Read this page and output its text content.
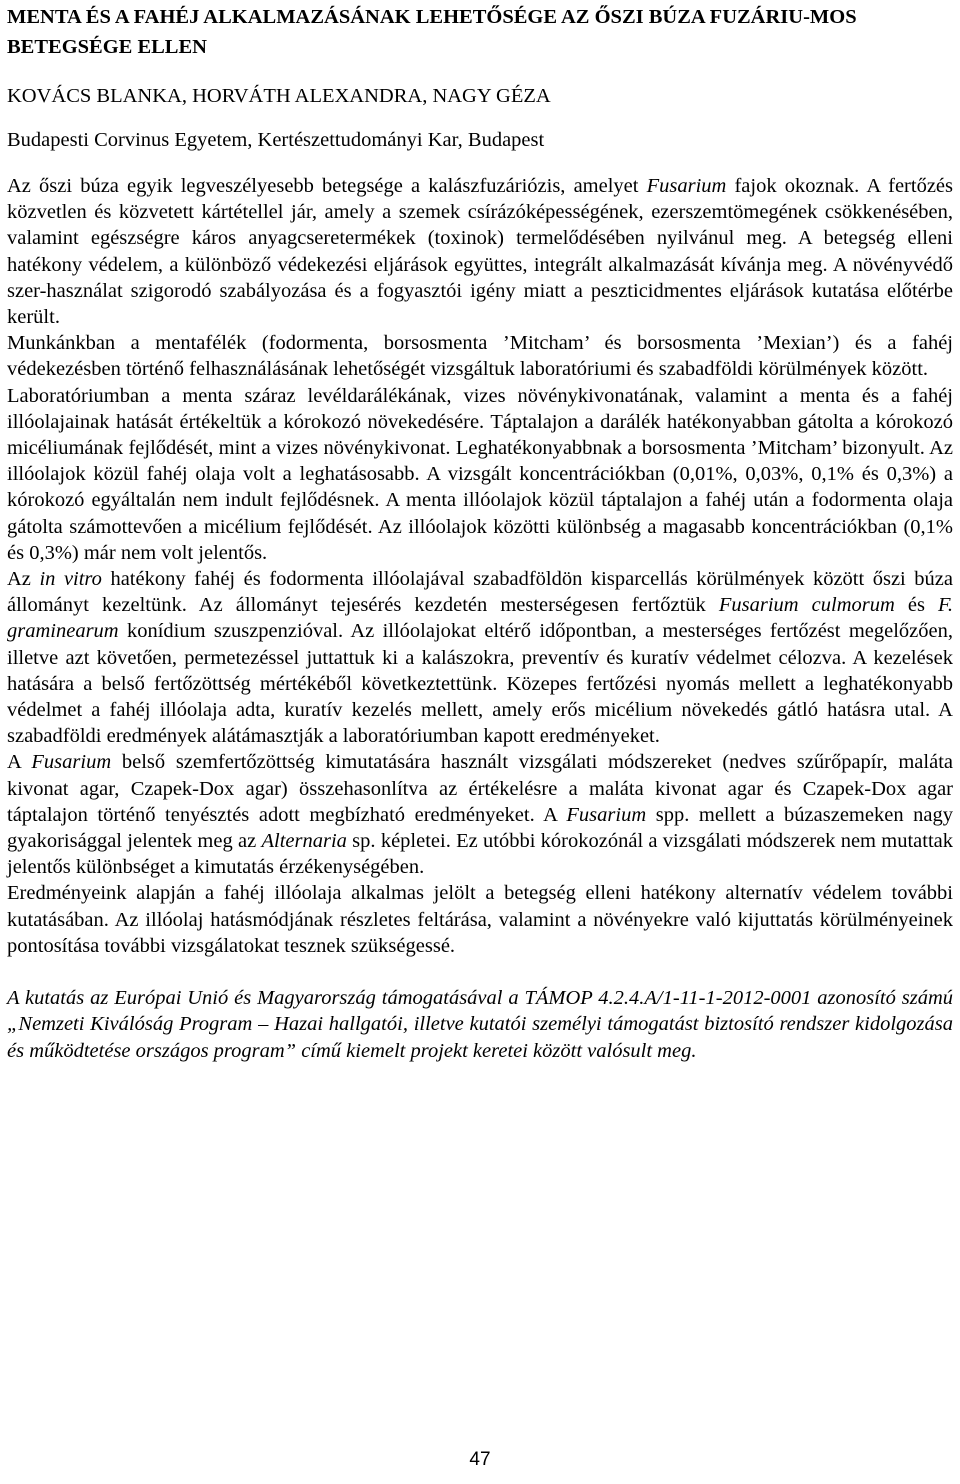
MENTA ÉS A FAHÉJ ALKALMAZÁSÁNAK LEHETŐSÉGE AZ ŐSZI BÚZA FUZÁRIU-MOS BETEGSÉGE ELLEN
KOVÁCS BLANKA, HORVÁTH ALEXANDRA, NAGY GÉZA
Budapesti Corvinus Egyetem, Kertészettudományi Kar, Budapest

Az őszi búza egyik legveszélyesebb betegsége a kalászfuzáriózis, amelyet Fusarium fajok okoznak. A fertőzés közvetlen és közvetett kártétellel jár, amely a szemek csírázóképességének, ezerszemtömegének csökkenésében, valamint egészségre káros anyagcseretermékek (toxinok) termelődésében nyilvánul meg. A betegség elleni hatékony védelem, a különböző védekezési eljárások együttes, integrált alkalmazását kívánja meg. A növényvédő szer-használat szigorodó szabályozása és a fogyasztói igény miatt a peszticidmentes eljárások kutatása előtérbe került.

Munkánkban a mentafélék (fodormenta, borsosmenta ’Mitcham’ és borsosmenta ’Mexian’) és a fahéj védekezésben történő felhasználásának lehetőségét vizsgáltuk laboratóriumi és szabadföldi körülmények között.

Laboratóriumban a menta száraz levéldarálékának, vizes növénykivonatának, valamint a menta és a fahéj illóolajainak hatását értékeltük a kórokozó növekedésére. Táptalajon a darálék hatékonyabban gátolta a kórokozó micéliumának fejlődését, mint a vizes növénykivonat. Leghatékonyabbnak a borsosmenta ’Mitcham’ bizonyult. Az illóolajok közül fahéj olaja volt a leghatásosabb. A vizsgált koncentrációkban (0,01%, 0,03%, 0,1% és 0,3%) a kórokozó egyáltalán nem indult fejlődésnek. A menta illóolajok közül táptalajon a fahéj után a fodormenta olaja gátolta számottevően a micélium fejlődését. Az illóolajok közötti különbség a magasabb koncentrációkban (0,1% és 0,3%) már nem volt jelentős.

Az in vitro hatékony fahéj és fodormenta illóolajával szabadföldön kisparcellás körülmények között őszi búza állományt kezeltünk. Az állományt tejesérés kezdetén mesterségesen fertőztük Fusarium culmorum és F. graminearum konídium szuszpenzióval. Az illóolajokat eltérő időpontban, a mesterséges fertőzést megelőzően, illetve azt követően, permetezéssel juttattuk ki a kalászokra, preventív és kuratív védelmet célozva. A kezelések hatására a belső fertőzöttség mértékéből következtettünk. Közepes fertőzési nyomás mellett a leghatékonyabb védelmet a fahéj illóolaja adta, kuratív kezelés mellett, amely erős micélium növekedés gátló hatásra utal. A szabadföldi eredmények alátámasztják a laboratóriumban kapott eredményeket.

A Fusarium belső szemfertőzöttség kimutatására használt vizsgálati módszereket (nedves szűrőpapír, maláta kivonat agar, Czapek-Dox agar) összehasonlítva az értékelésre a maláta kivonat agar és Czapek-Dox agar táptalajon történő tenyésztés adott megbízható eredményeket. A Fusarium spp. mellett a búzaszemeken nagy gyakorisággal jelentek meg az Alternaria sp. képletei. Ez utóbbi kórokozónál a vizsgálati módszerek nem mutattak jelentős különbséget a kimutatás érzékenységében.

Eredményeink alapján a fahéj illóolaja alkalmas jelölt a betegség elleni hatékony alternatív védelem további kutatásában. Az illóolaj hatásmódjának részletes feltárása, valamint a növényekre való kijuttatás körülményeinek pontosítása további vizsgálatokat tesznek szükségessé.

A kutatás az Európai Unió és Magyarország támogatásával a TÁMOP 4.2.4.A/1-11-1-2012-0001 azonosító számú „Nemzeti Kiválóság Program – Hazai hallgatói, illetve kutatói személyi támogatást biztosító rendszer kidolgozása és működtetése országos program” című kiemelt projekt keretei között valósult meg.

47
